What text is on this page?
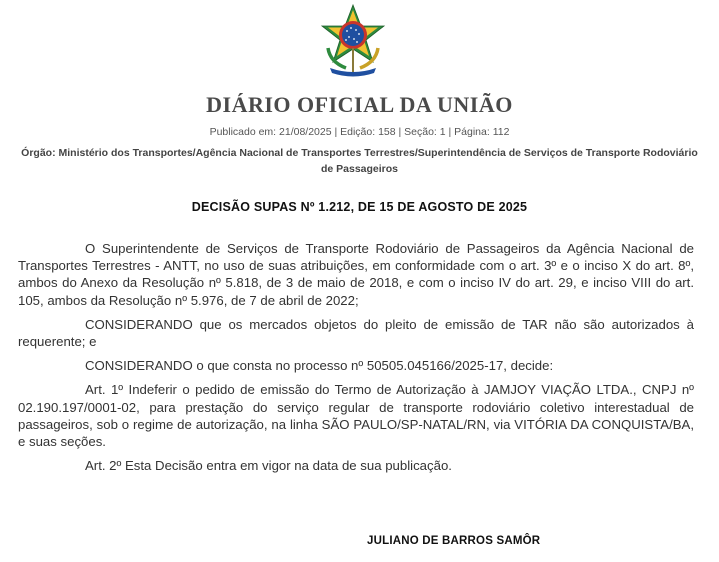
DIÁRIO OFICIAL DA UNIÃO
Publicado em: 21/08/2025 | Edição: 158 | Seção: 1 | Página: 112
Órgão: Ministério dos Transportes/Agência Nacional de Transportes Terrestres/Superintendência de Serviços de Transporte Rodoviário de Passageiros
DECISÃO SUPAS Nº 1.212, DE 15 DE AGOSTO DE 2025

O Superintendente de Serviços de Transporte Rodoviário de Passageiros da Agência Nacional de Transportes Terrestres - ANTT, no uso de suas atribuições, em conformidade com o art. 3º e o inciso X do art. 8º, ambos do Anexo da Resolução nº 5.818, de 3 de maio de 2018, e com o inciso IV do art. 29, e inciso VIII do art. 105, ambos da Resolução nº 5.976, de 7 de abril de 2022;

CONSIDERANDO que os mercados objetos do pleito de emissão de TAR não são autorizados à requerente; e

CONSIDERANDO o que consta no processo nº 50505.045166/2025-17, decide:

Art. 1º Indeferir o pedido de emissão do Termo de Autorização à JAMJOY VIAÇÃO LTDA., CNPJ nº 02.190.197/0001-02, para prestação do serviço regular de transporte rodoviário coletivo interestadual de passageiros, sob o regime de autorização, na linha SÃO PAULO/SP-NATAL/RN, via VITÓRIA DA CONQUISTA/BA, e suas seções.

Art. 2º Esta Decisão entra em vigor na data de sua publicação.

JULIANO DE BARROS SAMÔR
